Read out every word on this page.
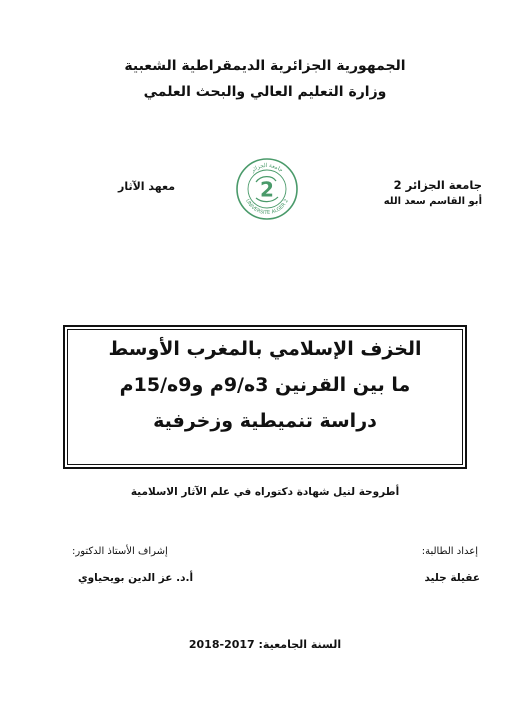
الجمهورية الجزائرية الديمقراطية الشعبية
وزارة التعليم العالي والبحث العلمي
جامعة الجزائر 2
أبو القاسم سعد الله
معهد الآثار
جامعة الجزائر
UNIVERSITE ALGER 2
2
الخزف الإسلامي بالمغرب الأوسط
ما بين القرنين 3ه/9م و9ه/15م
دراسة تنميطية وزخرفية
أطروحة لنيل شهادة دكتوراه في علم الآثار الاسلامية
إعداد الطالبة:
عقيلة جليد
إشراف الأستاذ الدكتور:
أ.د. عز الدين بويحياوي
السنة الجامعية: 2017-2018
